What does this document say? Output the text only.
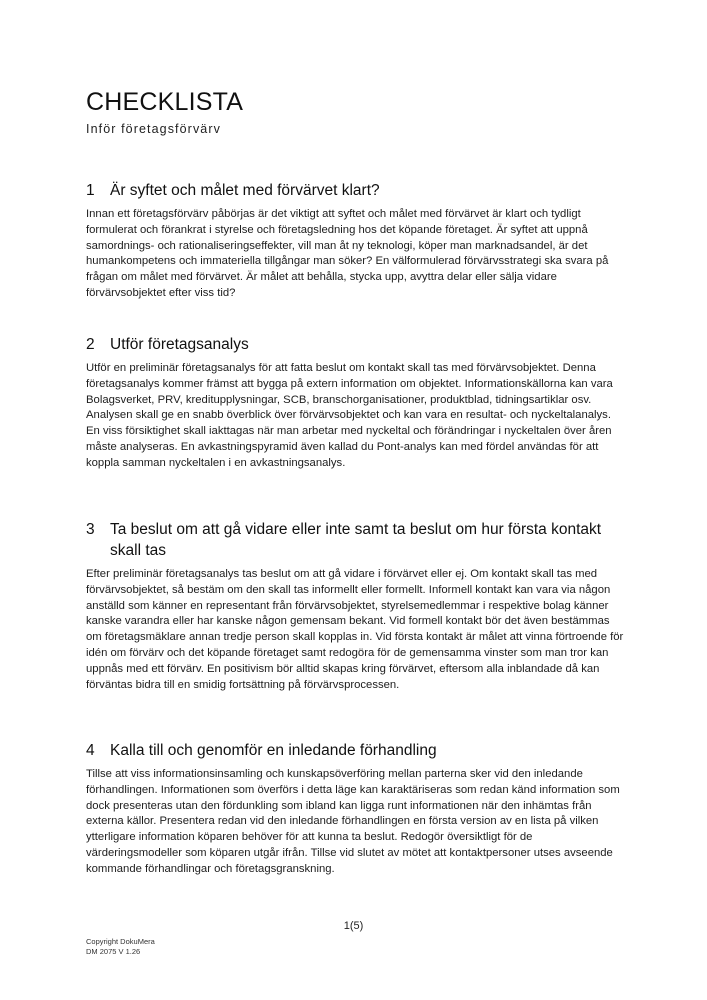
CHECKLISTA
Inför företagsförvärv
1 Är syftet och målet med förvärvet klart?

Innan ett företagsförvärv påbörjas är det viktigt att syftet och målet med förvärvet är klart och tydligt formulerat och förankrat i styrelse och företagsledning hos det köpande företaget. Är syftet att uppnå samordnings- och rationaliseringseffekter, vill man åt ny teknologi, köper man marknadsandel, är det humankompetens och immateriella tillgångar man söker? En välformulerad förvärvsstrategi ska svara på frågan om målet med förvärvet. Är målet att behålla, stycka upp, avyttra delar eller sälja vidare förvärvsobjektet efter viss tid?

2 Utför företagsanalys

Utför en preliminär företagsanalys för att fatta beslut om kontakt skall tas med förvärvsobjektet. Denna företagsanalys kommer främst att bygga på extern information om objektet. Informationskällorna kan vara Bolagsverket, PRV, kreditupplysningar, SCB, branschorganisationer, produktblad, tidningsartiklar osv. Analysen skall ge en snabb överblick över förvärvsobjektet och kan vara en resultat- och nyckeltalanalys. En viss försiktighet skall iakttagas när man arbetar med nyckeltal och förändringar i nyckeltalen över åren måste analyseras. En avkastningspyramid även kallad du Pont-analys kan med fördel användas för att koppla samman nyckeltalen i en avkastningsanalys.

3 Ta beslut om att gå vidare eller inte samt ta beslut om hur första kontakt skall tas

Efter preliminär företagsanalys tas beslut om att gå vidare i förvärvet eller ej. Om kontakt skall tas med förvärvsobjektet, så bestäm om den skall tas informellt eller formellt. Informell kontakt kan vara via någon anställd som känner en representant från förvärvsobjektet, styrelsemedlemmar i respektive bolag känner kanske varandra eller har kanske någon gemensam bekant. Vid formell kontakt bör det även bestämmas om företagsmäklare annan tredje person skall kopplas in. Vid första kontakt är målet att vinna förtroende för idén om förvärv och det köpande företaget samt redogöra för de gemensamma vinster som man tror kan uppnås med ett förvärv. En positivism bör alltid skapas kring förvärvet, eftersom alla inblandade då kan förväntas bidra till en smidig fortsättning på förvärvsprocessen.

4 Kalla till och genomför en inledande förhandling

Tillse att viss informationsinsamling och kunskapsöverföring mellan parterna sker vid den inledande förhandlingen. Informationen som överförs i detta läge kan karaktäriseras som redan känd information som dock presenteras utan den fördunkling som ibland kan ligga runt informationen när den inhämtas från externa källor. Presentera redan vid den inledande förhandlingen en första version av en lista på vilken ytterligare information köparen behöver för att kunna ta beslut. Redogör översiktligt för de värderingsmodeller som köparen utgår ifrån. Tillse vid slutet av mötet att kontaktpersoner utses avseende kommande förhandlingar och företagsgranskning.

1(5)
Copyright DokuMera
DM 2075 V 1.26
